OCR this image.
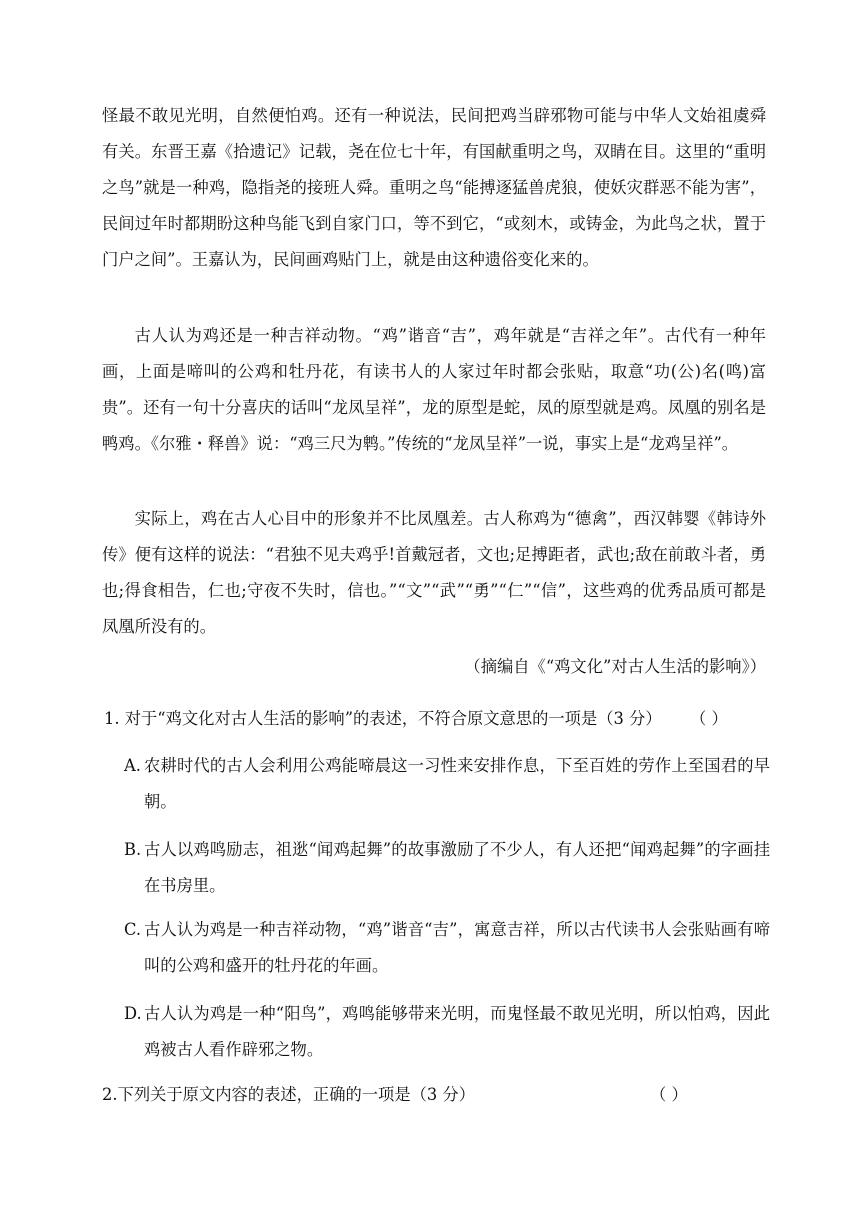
怪最不敢见光明，自然便怕鸡。还有一种说法，民间把鸡当辟邪物可能与中华人文始祖虞舜有关。东晋王嘉《拾遗记》记载，尧在位七十年，有国献重明之鸟，双睛在目。这里的“重明之鸟”就是一种鸡，隐指尧的接班人舜。重明之鸟“能搏逐猛兽虎狼，使妖灾群恶不能为害”，民间过年时都期盼这种鸟能飞到自家门口，等不到它，“或刻木，或铸金，为此鸟之状，置于门户之间”。王嘉认为，民间画鸡贴门上，就是由这种遗俗变化来的。

古人认为鸡还是一种吉祥动物。“鸡”谐音“吉”，鸡年就是“吉祥之年”。古代有一种年画，上面是啼叫的公鸡和牡丹花，有读书人的人家过年时都会张贴，取意“功(公)名(鸣)富贵”。还有一句十分喜庆的话叫“龙凤呈祥”，龙的原型是蛇，凤的原型就是鸡。凤凰的别名是鸭鸡。《尔雅・释兽》说：“鸡三尺为鹎。”传统的“龙凤呈祥”一说，事实上是“龙鸡呈祥”。

实际上，鸡在古人心目中的形象并不比凤凰差。古人称鸡为“德禽”，西汉韩婴《韩诗外传》便有这样的说法：“君独不见夫鸡乎!首戴冠者，文也;足搏距者，武也;敌在前敢斗者，勇也;得食相告，仁也;守夜不失时，信也。”“文”“武”“勇”“仁”“信”，这些鸡的优秀品质可都是凤凰所没有的。

（摘编自《“鸡文化”对古人生活的影响》）

1. 对于“鸡文化对古人生活的影响”的表述，不符合原文意思的一项是（3 分） （ ）
A. 农耕时代的古人会利用公鸡能啼晨这一习性来安排作息，下至百姓的劳作上至国君的早朝。
B. 古人以鸡鸣励志，祖逖“闻鸡起舞”的故事激励了不少人，有人还把“闻鸡起舞”的字画挂在书房里。
C. 古人认为鸡是一种吉祥动物，“鸡”谐音“吉”，寓意吉祥，所以古代读书人会张贴画有啼叫的公鸡和盛开的牡丹花的年画。
D. 古人认为鸡是一种“阳鸟”，鸡鸣能够带来光明，而鬼怪最不敢见光明，所以怕鸡，因此鸡被古人看作辟邪之物。
2.下列关于原文内容的表述，正确的一项是（3 分）	（ ）
